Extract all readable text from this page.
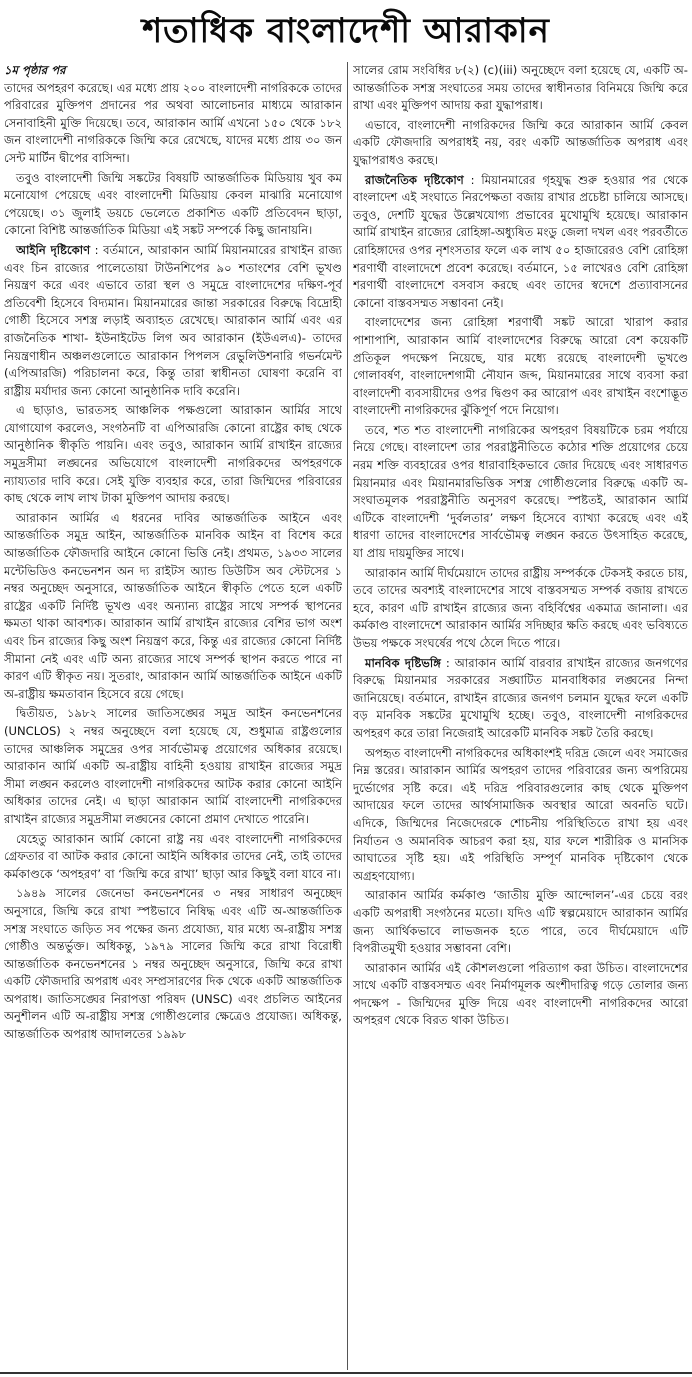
শতাধিক বাংলাদেশী আরাকান
১ম পৃষ্ঠার পর

তাদের অপহরণ করেছে। এর মধ্যে প্রায় ২০০ বাংলাদেশী নাগরিককে তাদের পরিবারের মুক্তিপণ প্রদানের পর অথবা আলোচনার মাধ্যমে আরাকান সেনাবাহিনী মুক্তি দিয়েছে। তবে, আরাকান আর্মি এখনো ১৫০ থেকে ১৮২ জন বাংলাদেশী নাগরিককে জিম্মি করে রেখেছে, যাদের মধ্যে প্রায় ৩০ জন সেন্ট মার্টিন দ্বীপের বাসিন্দা।

তবুও বাংলাদেশী জিম্মি সঙ্কটের বিষয়টি আন্তর্জাতিক মিডিয়ায় খুব কম মনোযোগ পেয়েছে এবং বাংলাদেশী মিডিয়ায় কেবল মাঝারি মনোযোগ পেয়েছে। ৩১ জুলাই ডয়চে ভেলেতে প্রকাশিত একটি প্রতিবেদন ছাড়া, কোনো বিশিষ্ট আন্তর্জাতিক মিডিয়া এই সঙ্কট সম্পর্কে কিছু জানায়নি।

আইনি দৃষ্টিকোণ : বর্তমানে, আরাকান আর্মি মিয়ানমারের রাখাইন রাজ্য এবং চিন রাজ্যের পালেতোয়া টাউনশিপের ৯০ শতাংশের বেশি ভূখণ্ড নিয়ন্ত্রণ করে এবং এভাবে তারা স্থল ও সমুদ্রে বাংলাদেশের দক্ষিণ-পূর্ব প্রতিবেশী হিসেবে বিদ্যমান। মিয়ানমারের জান্তা সরকারের বিরুদ্ধে বিদ্রোহী গোষ্ঠী হিসেবে সশস্ত্র লড়াই অব্যাহত রেখেছে। আরাকান আর্মি এবং এর রাজনৈতিক শাখা- ইউনাইটেড লিগ অব আরাকান (ইউএলএ)- তাদের নিয়ন্ত্রণাধীন অঞ্চলগুলোতে আরাকান পিপলস রেভুলিউশনারি গভর্নমেন্ট (এপিআরজি) পরিচালনা করে, কিন্তু তারা স্বাধীনতা ঘোষণা করেনি বা রাষ্ট্রীয় মর্যাদার জন্য কোনো আনুষ্ঠানিক দাবি করেনি।

এ ছাড়াও, ভারতসহ আঞ্চলিক পক্ষগুলো আরাকান আর্মির সাথে যোগাযোগ করলেও, সংগঠনটি বা এপিআরজি কোনো রাষ্ট্রের কাছ থেকে আনুষ্ঠানিক স্বীকৃতি পায়নি। এবং তবুও, আরাকান আর্মি রাখাইন রাজ্যের সমুদ্রসীমা লঙ্ঘনের অভিযোগে বাংলাদেশী নাগরিকদের অপহরণকে ন্যায্যতার দাবি করে। সেই যুক্তি ব্যবহার করে, তারা জিম্মিদের পরিবারের কাছ থেকে লাখ লাখ টাকা মুক্তিপণ আদায় করছে।

আরাকান আর্মির এ ধরনের দাবির আন্তর্জাতিক আইনে এবং আন্তর্জাতিক সমুদ্র আইন, আন্তর্জাতিক মানবিক আইন বা বিশেষ করে আন্তর্জাতিক ফৌজদারি আইনে কোনো ভিত্তি নেই। প্রথমত, ১৯৩৩ সালের মন্টেভিডিও কনভেনশন অন দ্য রাইটস অ্যান্ড ডিউটিস অব স্টেটসের ১ নম্বর অনুচ্ছেদ অনুসারে, আন্তর্জাতিক আইনে স্বীকৃতি পেতে হলে একটি রাষ্ট্রের একটি নির্দিষ্ট ভূখণ্ড এবং অন্যান্য রাষ্ট্রের সাথে সম্পর্ক স্থাপনের ক্ষমতা থাকা আবশ্যক। আরাকান আর্মি রাখাইন রাজ্যের বেশির ভাগ অংশ এবং চিন রাজ্যের কিছু অংশ নিয়ন্ত্রণ করে, কিন্তু এর রাজ্যের কোনো নির্দিষ্ট সীমানা নেই এবং এটি অন্য রাজ্যের সাথে সম্পর্ক স্থাপন করতে পারে না কারণ এটি স্বীকৃত নয়। সুতরাং, আরাকান আর্মি আন্তর্জাতিক আইনে একটি অ-রাষ্ট্রীয় ক্ষমতাবান হিসেবে রয়ে গেছে।

দ্বিতীয়ত, ১৯৮২ সালের জাতিসঙ্ঘের সমুদ্র আইন কনভেনশনের (UNCLOS) ২ নম্বর অনুচ্ছেদে বলা হয়েছে যে, শুধুমাত্র রাষ্ট্রগুলোর তাদের আঞ্চলিক সমুদ্রের ওপর সার্বভৌমত্ব প্রয়োগের অধিকার রয়েছে। আরাকান আর্মি একটি অ-রাষ্ট্রীয় বাহিনী হওয়ায় রাখাইন রাজ্যের সমুদ্র সীমা লঙ্ঘন করলেও বাংলাদেশী নাগরিকদের আটক করার কোনো আইনি অধিকার তাদের নেই। এ ছাড়া আরাকান আর্মি বাংলাদেশী নাগরিকদের রাখাইন রাজ্যের সমুদ্রসীমা লঙ্ঘনের কোনো প্রমাণ দেখাতে পারেনি।

যেহেতু আরাকান আর্মি কোনো রাষ্ট্র নয় এবং বাংলাদেশী নাগরিকদের গ্রেফতার বা আটক করার কোনো আইনি অধিকার তাদের নেই, তাই তাদের কর্মকাণ্ডকে ‘অপহরণ’ বা ‘জিম্মি করে রাখা’ ছাড়া আর কিছুই বলা যাবে না।

১৯৪৯ সালের জেনেভা কনভেনশনের ৩ নম্বর সাধারণ অনুচ্ছেদ অনুসারে, জিম্মি করে রাখা স্পষ্টভাবে নিষিদ্ধ এবং এটি অ-আন্তর্জাতিক সশস্ত্র সংঘাতে জড়িত সব পক্ষের জন্য প্রযোজ্য, যার মধ্যে অ-রাষ্ট্রীয় সশস্ত্র গোষ্ঠীও অন্তর্ভুক্ত। অধিকন্তু, ১৯৭৯ সালের জিম্মি করে রাখা বিরোধী আন্তর্জাতিক কনভেনশনের ১ নম্বর অনুচ্ছেদ অনুসারে, জিম্মি করে রাখা একটি ফৌজদারি অপরাধ এবং সম্প্রসারণের দিক থেকে একটি আন্তর্জাতিক অপরাধ। জাতিসঙ্ঘের নিরাপত্তা পরিষদ (UNSC) এবং প্রচলিত আইনের অনুশীলন এটি অ-রাষ্ট্রীয় সশস্ত্র গোষ্ঠীগুলোর ক্ষেত্রেও প্রযোজ্য। অধিকন্তু, আন্তর্জাতিক অপরাধ আদালতের ১৯৯৮

সালের রোম সংবিধির ৮(২) (c)(iii) অনুচ্ছেদে বলা হয়েছে যে, একটি অ-আন্তর্জাতিক সশস্ত্র সংঘাতের সময় তাদের স্বাধীনতার বিনিময়ে জিম্মি করে রাখা এবং মুক্তিপণ আদায় করা যুদ্ধাপরাধ।

এভাবে, বাংলাদেশী নাগরিকদের জিম্মি করে আরাকান আর্মি কেবল একটি ফৌজদারি অপরাধই নয়, বরং একটি আন্তর্জাতিক অপরাধ এবং যুদ্ধাপরাধও করছে।

রাজনৈতিক দৃষ্টিকোণ : মিয়ানমারের গৃহযুদ্ধ শুরু হওয়ার পর থেকে বাংলাদেশ এই সংঘাতে নিরপেক্ষতা বজায় রাখার প্রচেষ্টা চালিয়ে আসছে। তবুও, দেশটি যুদ্ধের উল্লেখযোগ্য প্রভাবের মুখোমুখি হয়েছে। আরাকান আর্মি রাখাইন রাজ্যের রোহিঙ্গা-অধ্যুষিত মংডু জেলা দখল এবং পরবর্তীতে রোহিঙ্গাদের ওপর নৃশংসতার ফলে এক লাখ ৫০ হাজারেরও বেশি রোহিঙ্গা শরণার্থী বাংলাদেশে প্রবেশ করেছে। বর্তমানে, ১৫ লাখেরও বেশি রোহিঙ্গা শরণার্থী বাংলাদেশে বসবাস করছে এবং তাদের স্বদেশে প্রত্যাবাসনের কোনো বাস্তবসম্মত সম্ভাবনা নেই।

বাংলাদেশের জন্য রোহিঙ্গা শরণার্থী সঙ্কট আরো খারাপ করার পাশাপাশি, আরাকান আর্মি বাংলাদেশের বিরুদ্ধে আরো বেশ কয়েকটি প্রতিকূল পদক্ষেপ নিয়েছে, যার মধ্যে রয়েছে বাংলাদেশী ভূখণ্ডে গোলাবর্ষণ, বাংলাদেশগামী নৌযান জব্দ, মিয়ানমারের সাথে ব্যবসা করা বাংলাদেশী ব্যবসায়ীদের ওপর দ্বিগুণ কর আরোপ এবং রাখাইন বংশোদ্ভূত বাংলাদেশী নাগরিকদের ঝুঁকিপূর্ণ পদে নিয়োগ।

তবে, শত শত বাংলাদেশী নাগরিকের অপহরণ বিষয়টিকে চরম পর্যায়ে নিয়ে গেছে। বাংলাদেশ তার পররাষ্ট্রনীতিতে কঠোর শক্তি প্রয়োগের চেয়ে নরম শক্তি ব্যবহারের ওপর ধারাবাহিকভাবে জোর দিয়েছে এবং সাধারণত মিয়ানমার এবং মিয়ানমারভিত্তিক সশস্ত্র গোষ্ঠীগুলোর বিরুদ্ধে একটি অ-সংঘাতমূলক পররাষ্ট্রনীতি অনুসরণ করেছে। স্পষ্টতই, আরাকান আর্মি এটিকে বাংলাদেশী ‘দুর্বলতার’ লক্ষণ হিসেবে ব্যাখ্যা করেছে এবং এই ধারণা তাদের বাংলাদেশের সার্বভৌমত্ব লঙ্ঘন করতে উৎসাহিত করেছে, যা প্রায় দায়মুক্তির সাথে।

আরাকান আর্মি দীর্ঘমেয়াদে তাদের রাষ্ট্রীয় সম্পর্ককে টেকসই করতে চায়, তবে তাদের অবশ্যই বাংলাদেশের সাথে বাস্তবসম্মত সম্পর্ক বজায় রাখতে হবে, কারণ এটি রাখাইন রাজ্যের জন্য বহির্বিশ্বের একমাত্র জানালা। এর কর্মকাণ্ড বাংলাদেশে আরাকান আর্মির সদিচ্ছার ক্ষতি করছে এবং ভবিষ্যতে উভয় পক্ষকে সংঘর্ষের পথে ঠেলে দিতে পারে।

মানবিক দৃষ্টিভঙ্গি : আরাকান আর্মি বারবার রাখাইন রাজ্যের জনগণের বিরুদ্ধে মিয়ানমার সরকারের সঙ্ঘাটিত মানবাধিকার লঙ্ঘনের নিন্দা জানিয়েছে। বর্তমানে, রাখাইন রাজ্যের জনগণ চলমান যুদ্ধের ফলে একটি বড় মানবিক সঙ্কটের মুখোমুখি হচ্ছে। তবুও, বাংলাদেশী নাগরিকদের অপহরণ করে তারা নিজেরাই আরেকটি মানবিক সঙ্কট তৈরি করছে।

অপহৃত বাংলাদেশী নাগরিকদের অধিকাংশই দরিদ্র জেলে এবং সমাজের নিম্ন স্তরের। আরাকান আর্মির অপহরণ তাদের পরিবারের জন্য অপরিমেয় দুর্ভোগের সৃষ্টি করে। এই দরিদ্র পরিবারগুলোর কাছ থেকে মুক্তিপণ আদায়ের ফলে তাদের আর্থসামাজিক অবস্থার আরো অবনতি ঘটে। এদিকে, জিম্মিদের নিজেদেরকে শোচনীয় পরিস্থিতিতে রাখা হয় এবং নির্যাতন ও অমানবিক আচরণ করা হয়, যার ফলে শারীরিক ও মানসিক আঘাতের সৃষ্টি হয়। এই পরিস্থিতি সম্পূর্ণ মানবিক দৃষ্টিকোণ থেকে অগ্রহণযোগ্য।

আরাকান আর্মির কর্মকাণ্ড ‘জাতীয় মুক্তি আন্দোলন’-এর চেয়ে বরং একটি অপরাধী সংগঠনের মতো। যদিও এটি স্বল্পমেয়াদে আরাকান আর্মির জন্য আর্থিকভাবে লাভজনক হতে পারে, তবে দীর্ঘমেয়াদে এটি বিপরীতমুখী হওয়ার সম্ভাবনা বেশি।

আরাকান আর্মির এই কৌশলগুলো পরিত্যাগ করা উচিত। বাংলাদেশের সাথে একটি বাস্তবসম্মত এবং নির্মাণমূলক অংশীদারিত্ব গড়ে তোলার জন্য পদক্ষেপ - জিম্মিদের মুক্তি দিয়ে এবং বাংলাদেশী নাগরিকদের আরো অপহরণ থেকে বিরত থাকা উচিত।
